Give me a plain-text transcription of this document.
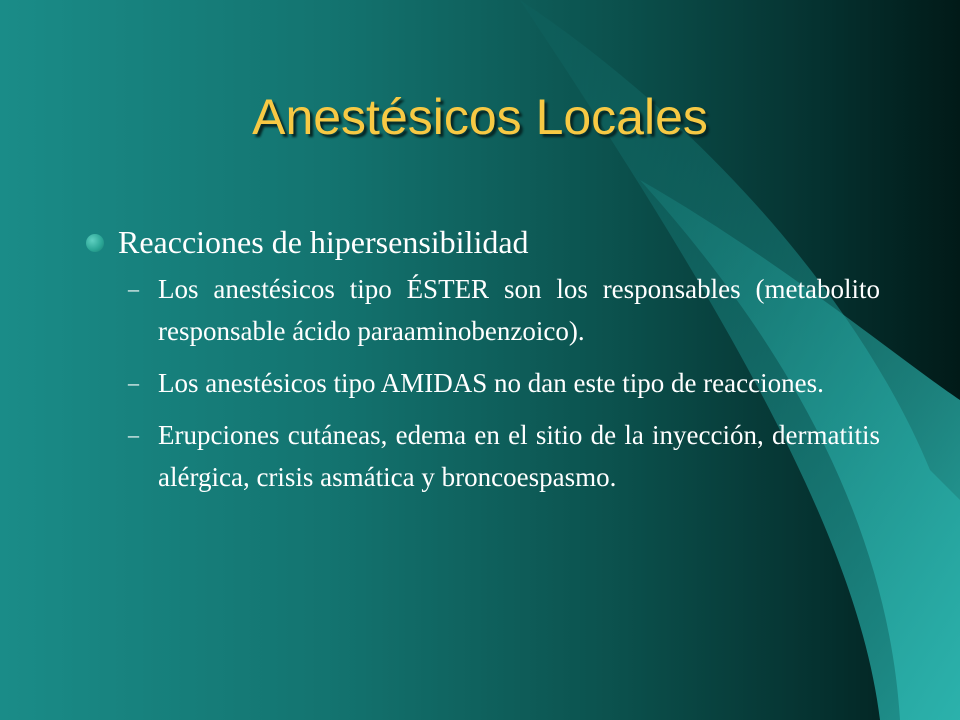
Anestésicos Locales
Reacciones de hipersensibilidad
– Los anestésicos tipo ÉSTER son los responsables (metabolito responsable ácido paraaminobenzoico).
– Los anestésicos tipo AMIDAS no dan este tipo de reacciones.
– Erupciones cutáneas, edema en el sitio de la inyección, dermatitis alérgica, crisis asmática y broncoespasmo.
